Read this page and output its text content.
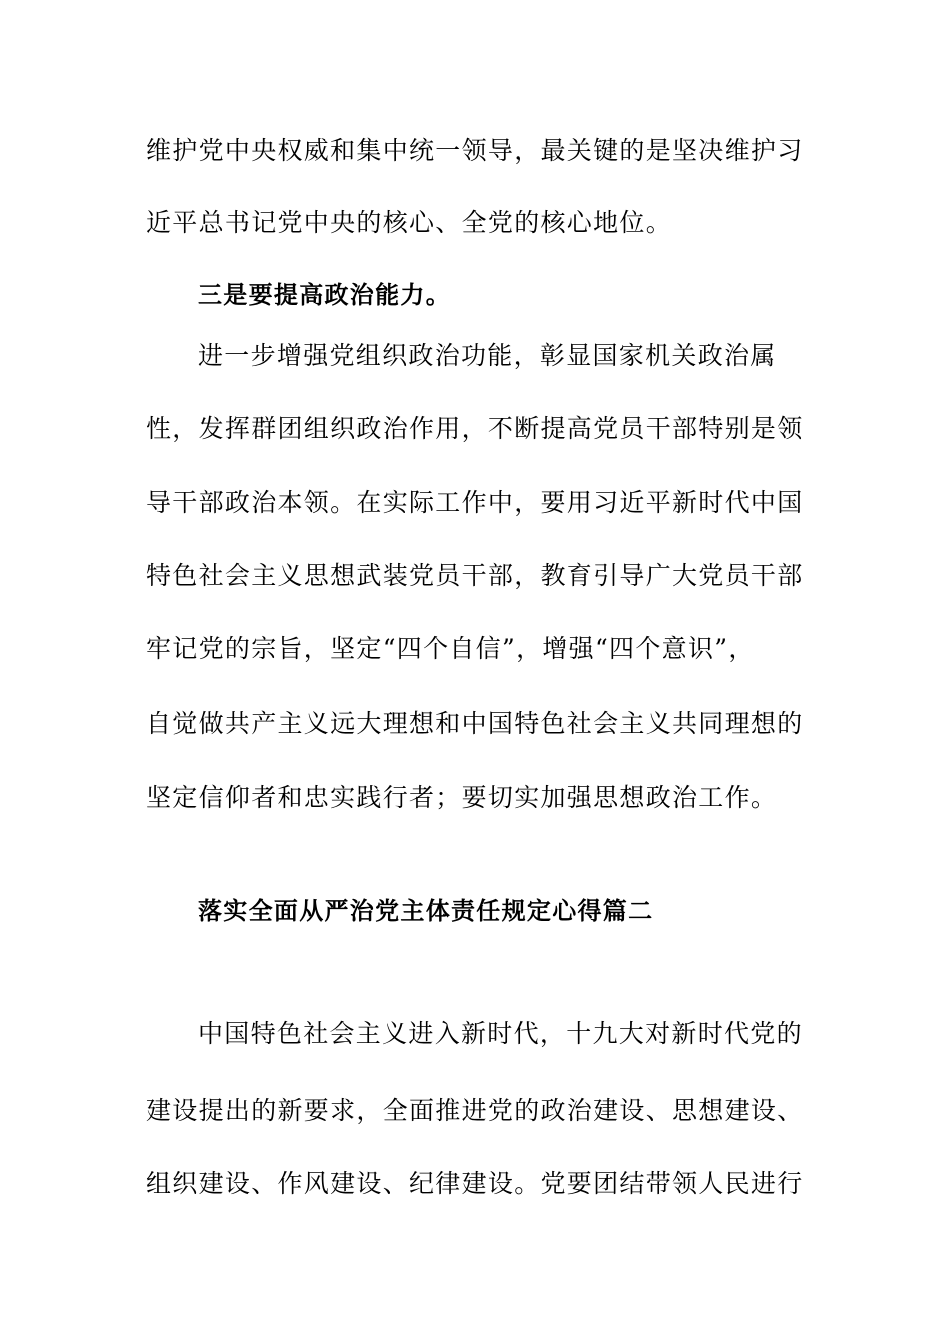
维护党中央权威和集中统一领导，最关键的是坚决维护习
近平总书记党中央的核心、全党的核心地位。
三是要提高政治能力。
进一步增强党组织政治功能，彰显国家机关政治属
性，发挥群团组织政治作用，不断提高党员干部特别是领
导干部政治本领。在实际工作中，要用习近平新时代中国
特色社会主义思想武装党员干部，教育引导广大党员干部
牢记党的宗旨，坚定“四个自信”，增强“四个意识”，
自觉做共产主义远大理想和中国特色社会主义共同理想的
坚定信仰者和忠实践行者；要切实加强思想政治工作。
落实全面从严治党主体责任规定心得篇二
中国特色社会主义进入新时代，十九大对新时代党的
建设提出的新要求，全面推进党的政治建设、思想建设、
组织建设、作风建设、纪律建设。党要团结带领人民进行
